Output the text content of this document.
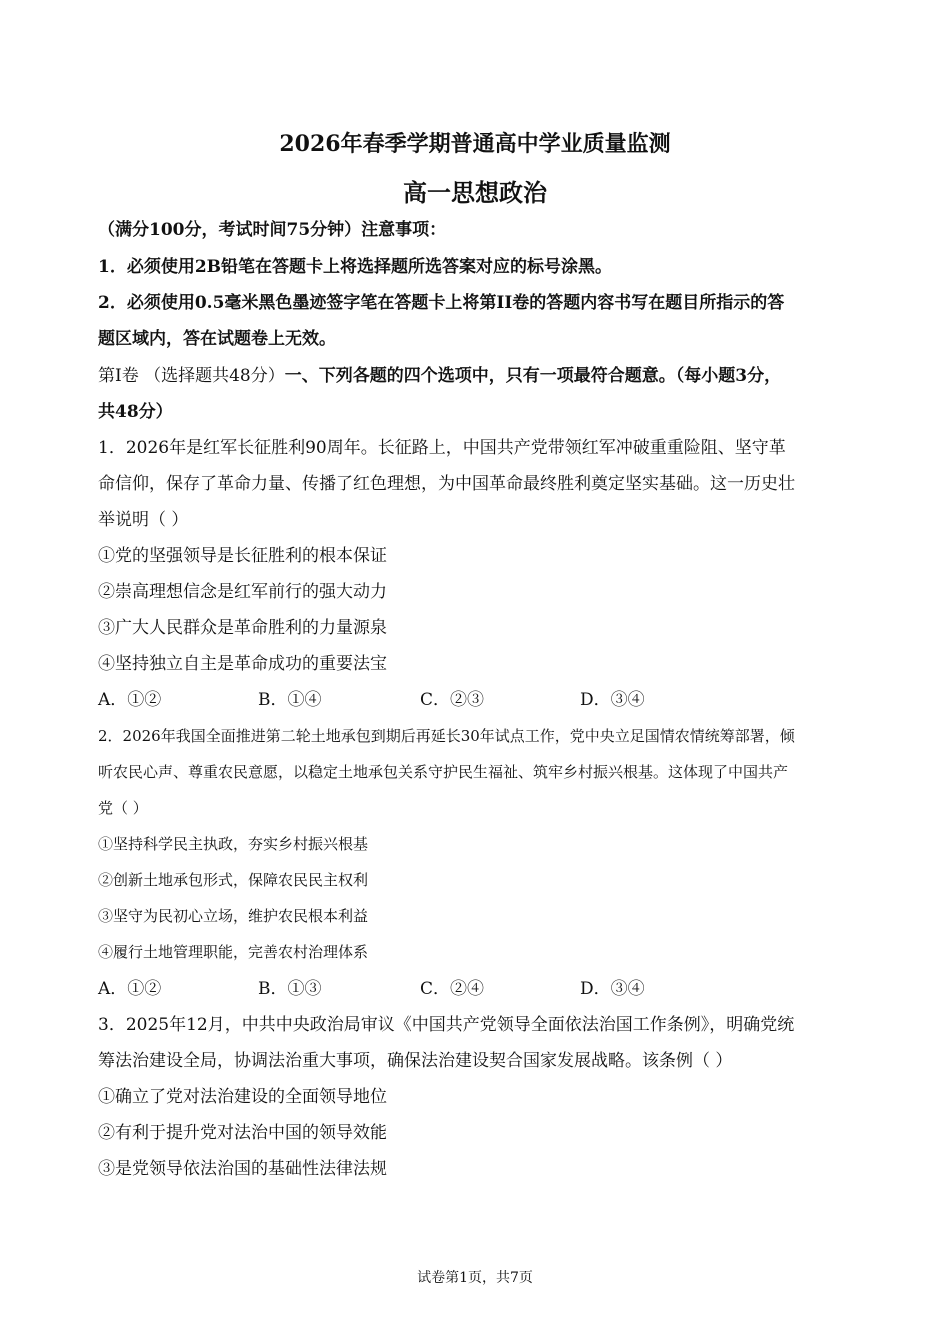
2026年春季学期普通高中学业质量监测
高一思想政治
（满分100分，考试时间75分钟）注意事项：
1．必须使用2B铅笔在答题卡上将选择题所选答案对应的标号涂黑。
2．必须使用0.5毫米黑色墨迹签字笔在答题卡上将第II卷的答题内容书写在题目所指示的答
题区域内，答在试题卷上无效。
第I卷 （选择题共48分）一、下列各题的四个选项中，只有一项最符合题意。（每小题3分，
共48分）
1．2026年是红军长征胜利90周年。长征路上，中国共产党带领红军冲破重重险阻、坚守革
命信仰，保存了革命力量、传播了红色理想，为中国革命最终胜利奠定坚实基础。这一历史壮
举说明（ ）
①党的坚强领导是长征胜利的根本保证
②崇高理想信念是红军前行的强大动力
③广大人民群众是革命胜利的力量源泉
④坚持独立自主是革命成功的重要法宝
A．①②	B．①④	C．②③	D．③④
2．2026年我国全面推进第二轮土地承包到期后再延长30年试点工作，党中央立足国情农情统筹部署，倾
听农民心声、尊重农民意愿，以稳定土地承包关系守护民生福祉、筑牢乡村振兴根基。这体现了中国共产
党（ ）
①坚持科学民主执政，夯实乡村振兴根基
②创新土地承包形式，保障农民民主权利
③坚守为民初心立场，维护农民根本利益
④履行土地管理职能，完善农村治理体系
A．①②	B．①③	C．②④	D．③④
3．2025年12月，中共中央政治局审议《中国共产党领导全面依法治国工作条例》，明确党统
筹法治建设全局，协调法治重大事项，确保法治建设契合国家发展战略。该条例（ ）
①确立了党对法治建设的全面领导地位
②有利于提升党对法治中国的领导效能
③是党领导依法治国的基础性法律法规
试卷第1页，共7页
